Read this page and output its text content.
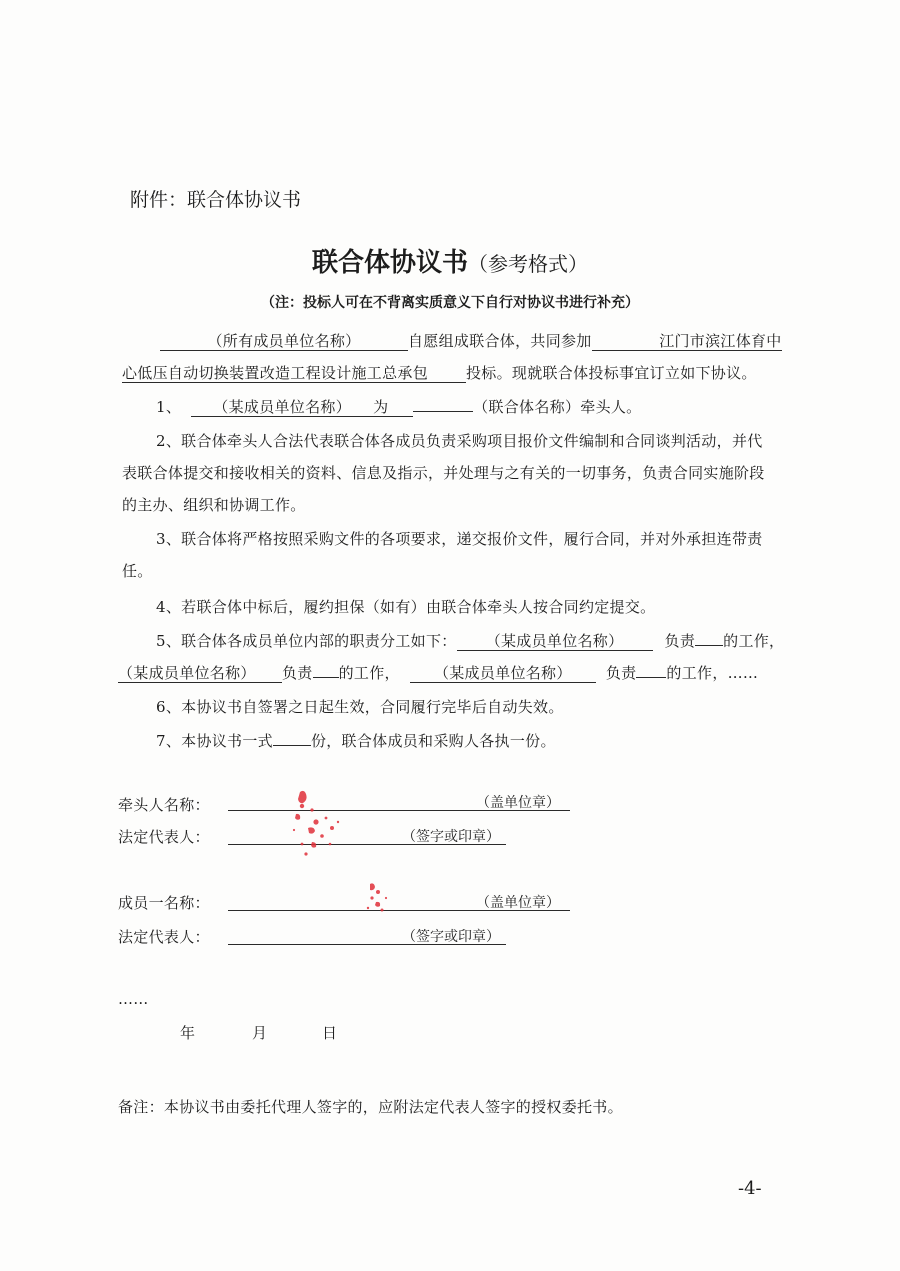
附件：联合体协议书
联合体协议书（参考格式）
（注：投标人可在不背离实质意义下自行对协议书进行补充）
（所有成员单位名称）	自愿组成联合体，共同参加	江门市滨江体育中
心低压自动切换装置改造工程设计施工总承包	投标。现就联合体投标事宜订立如下协议。
1、 （某成员单位名称） 为	（联合体名称）牵头人。
2、联合体牵头人合法代表联合体各成员负责采购项目报价文件编制和合同谈判活动，并代
表联合体提交和接收相关的资料、信息及指示，并处理与之有关的一切事务，负责合同实施阶段
的主办、组织和协调工作。
3、联合体将严格按照采购文件的各项要求，递交报价文件，履行合同，并对外承担连带责
任。
4、若联合体中标后，履约担保（如有）由联合体牵头人按合同约定提交。
5、联合体各成员单位内部的职责分工如下： （某成员单位名称）	负责 的工作，
（某成员单位名称） 负责 的工作， （某成员单位名称） 负责 的工作，……
6、本协议书自签署之日起生效，合同履行完毕后自动失效。
7、本协议书一式	份，联合体成员和采购人各执一份。
牵头人名称：	（盖单位章）
法定代表人：	（签字或印章）
成员一名称：	（盖单位章）
法定代表人：	（签字或印章）
……
年	月	日
备注：本协议书由委托代理人签字的，应附法定代表人签字的授权委托书。
-4-
